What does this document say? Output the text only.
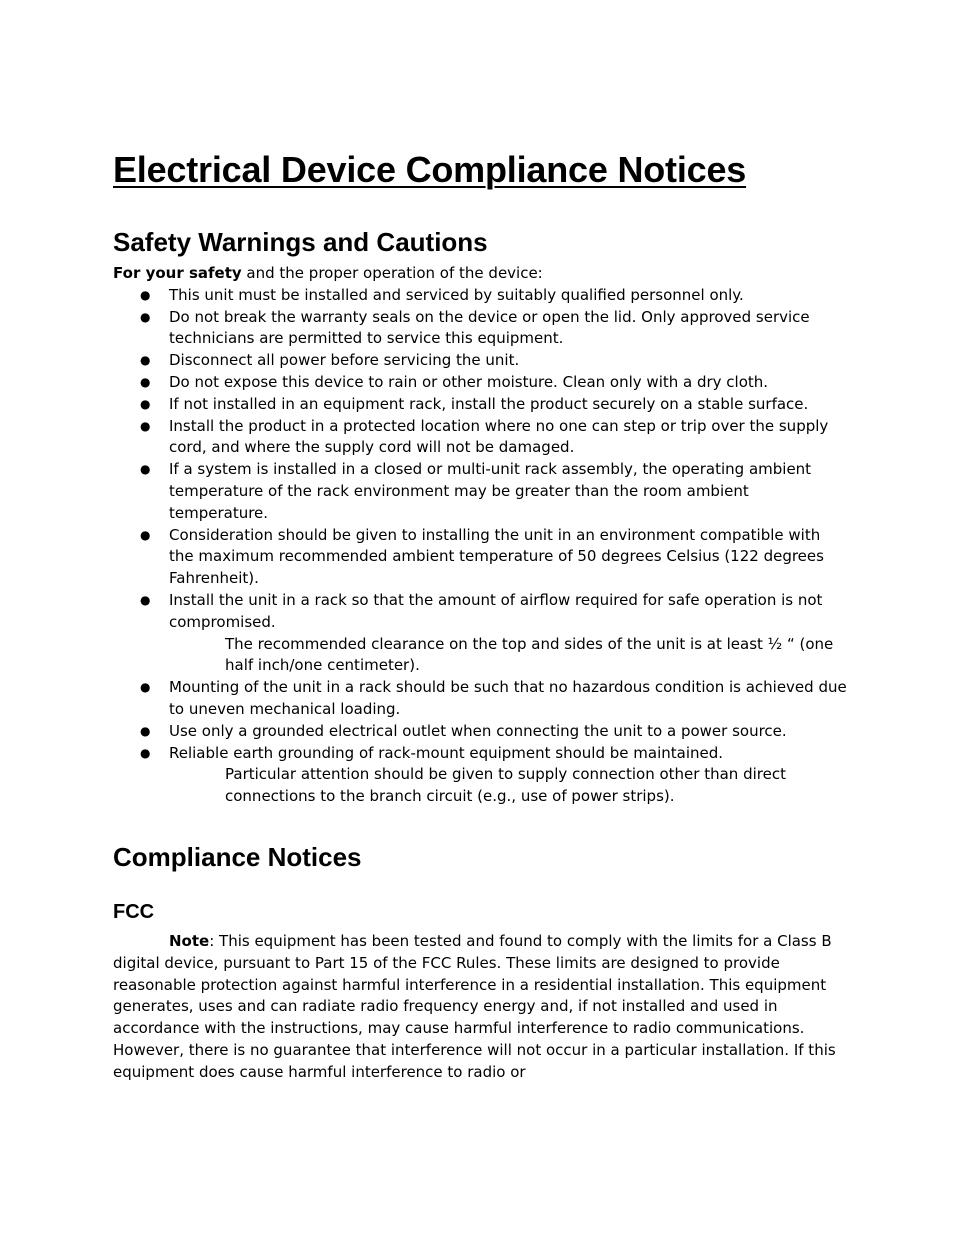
Electrical Device Compliance Notices
Safety Warnings and Cautions

For your safety and the proper operation of the device:

● This unit must be installed and serviced by suitably qualified personnel only.
● Do not break the warranty seals on the device or open the lid. Only approved service technicians are permitted to service this equipment.
● Disconnect all power before servicing the unit.
● Do not expose this device to rain or other moisture. Clean only with a dry cloth.
● If not installed in an equipment rack, install the product securely on a stable surface.
● Install the product in a protected location where no one can step or trip over the supply cord, and where the supply cord will not be damaged.
● If a system is installed in a closed or multi-unit rack assembly, the operating ambient temperature of the rack environment may be greater than the room ambient temperature.
● Consideration should be given to installing the unit in an environment compatible with the maximum recommended ambient temperature of 50 degrees Celsius (122 degrees Fahrenheit).
● Install the unit in a rack so that the amount of airflow required for safe operation is not compromised.
The recommended clearance on the top and sides of the unit is at least ½ “ (one half inch/one centimeter).
● Mounting of the unit in a rack should be such that no hazardous condition is achieved due to uneven mechanical loading.
● Use only a grounded electrical outlet when connecting the unit to a power source.
● Reliable earth grounding of rack-mount equipment should be maintained.
Particular attention should be given to supply connection other than direct connections to the branch circuit (e.g., use of power strips).
Compliance Notices
FCC

Note: This equipment has been tested and found to comply with the limits for a Class B digital device, pursuant to Part 15 of the FCC Rules. These limits are designed to provide reasonable protection against harmful interference in a residential installation. This equipment generates, uses and can radiate radio frequency energy and, if not installed and used in accordance with the instructions, may cause harmful interference to radio communications. However, there is no guarantee that interference will not occur in a particular installation. If this equipment does cause harmful interference to radio or
